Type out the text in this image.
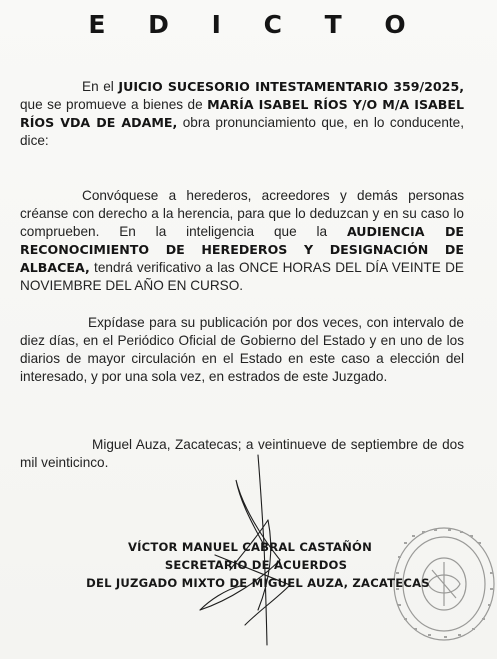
E D I C T O

En el JUICIO SUCESORIO INTESTAMENTARIO 359/2025, que se promueve a bienes de MARÍA ISABEL RÍOS Y/O M/A ISABEL RÍOS VDA DE ADAME, obra pronunciamiento que, en lo conducente, dice:

Convóquese a herederos, acreedores y demás personas créanse con derecho a la herencia, para que lo deduzcan y en su caso lo comprueben. En la inteligencia que la AUDIENCIA DE RECONOCIMIENTO DE HEREDEROS Y DESIGNACIÓN DE ALBACEA, tendrá verificativo a las ONCE HORAS DEL DÍA VEINTE DE NOVIEMBRE DEL AÑO EN CURSO.

Expídase para su publicación por dos veces, con intervalo de diez días, en el Periódico Oficial de Gobierno del Estado y en uno de los diarios de mayor circulación en el Estado en este caso a elección del interesado, y por una sola vez, en estrados de este Juzgado.

Miguel Auza, Zacatecas; a veintinueve de septiembre de dos mil veinticinco.

VÍCTOR MANUEL CABRAL CASTAÑÓN
SECRETARIO DE ACUERDOS
DEL JUZGADO MIXTO DE MIGUEL AUZA, ZACATECAS
